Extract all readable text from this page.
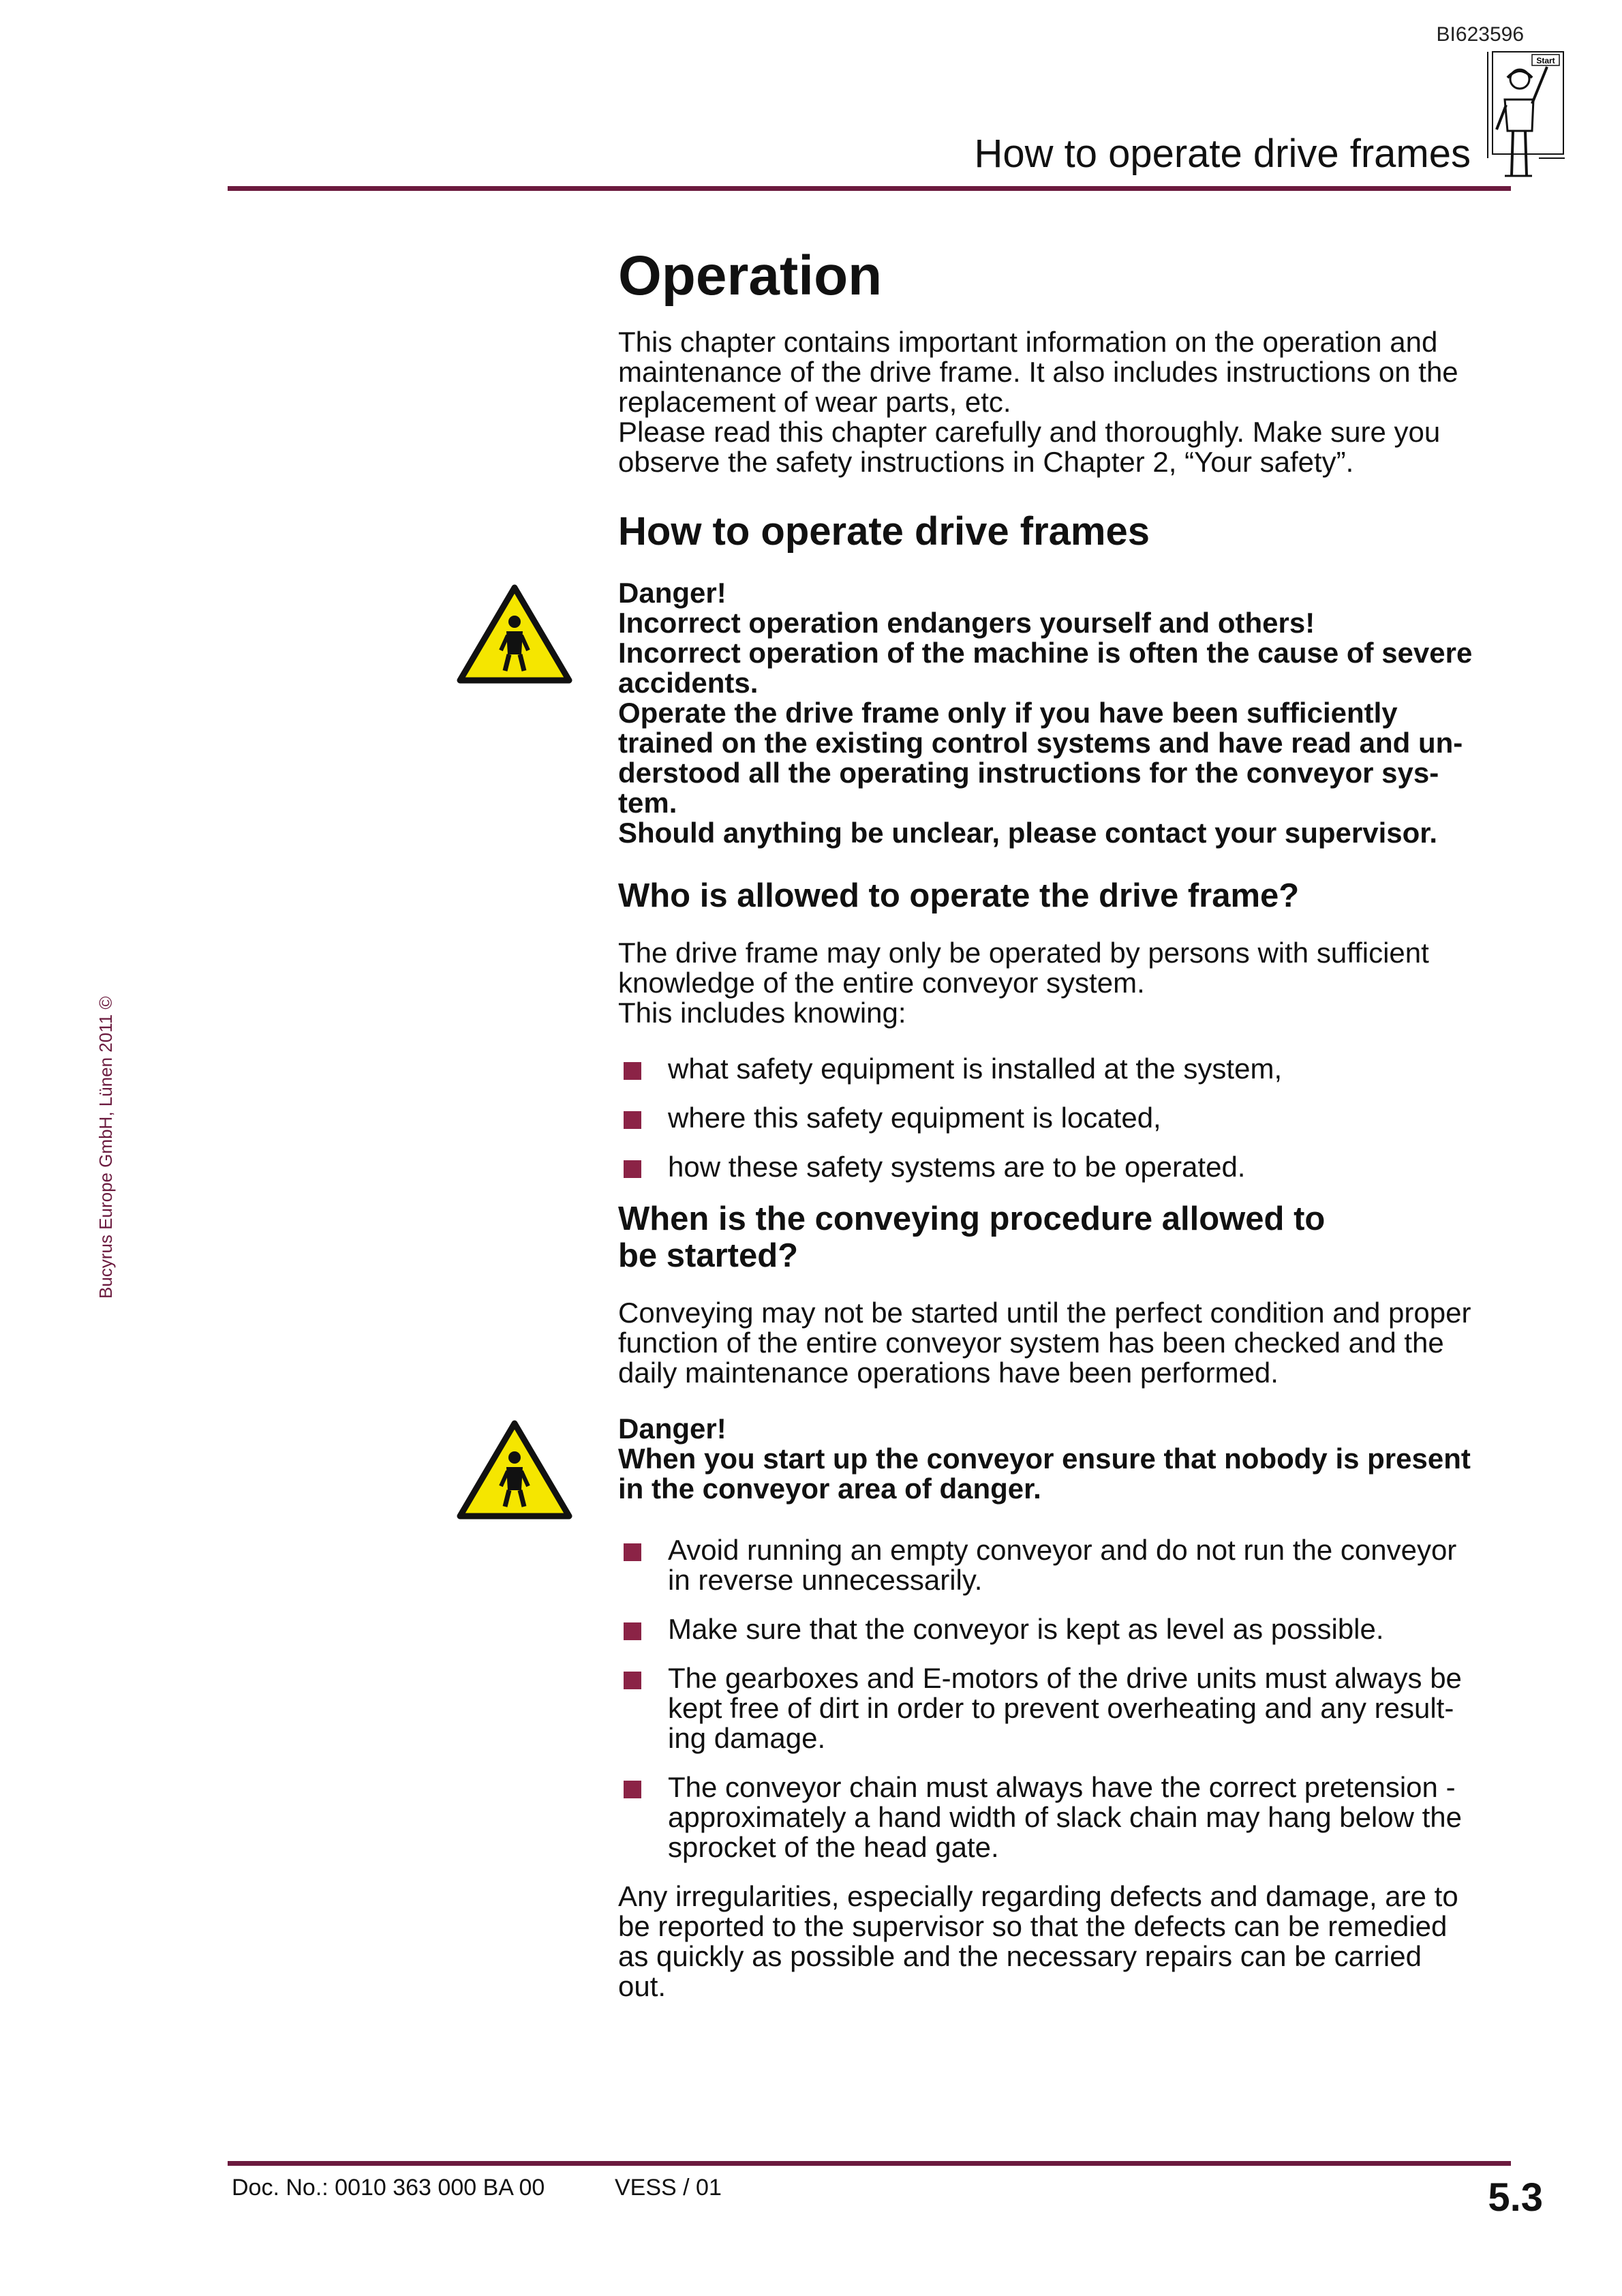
BI623596
How to operate drive frames
Start
Bucyrus Europe GmbH, Lünen 2011 ©
Operation

This chapter contains important information on the operation and
maintenance of the drive frame. It also includes instructions on the
replacement of wear parts, etc.
Please read this chapter carefully and thoroughly. Make sure you
observe the safety instructions in Chapter 2, “Your safety”.

How to operate drive frames

Danger!
Incorrect operation endangers yourself and others!
Incorrect operation of the machine is often the cause of severe
accidents.
Operate the drive frame only if you have been sufficiently
trained on the existing control systems and have read and un-
derstood all the operating instructions for the conveyor sys-
tem.
Should anything be unclear, please contact your supervisor.

Who is allowed to operate the drive frame?

The drive frame may only be operated by persons with sufficient
knowledge of the entire conveyor system.
This includes knowing:

what safety equipment is installed at the system,
where this safety equipment is located,
how these safety systems are to be operated.
When is the conveying procedure allowed to
be started?

Conveying may not be started until the perfect condition and proper
function of the entire conveyor system has been checked and the
daily maintenance operations have been performed.

Danger!
When you start up the conveyor ensure that nobody is present
in the conveyor area of danger.

Avoid running an empty conveyor and do not run the conveyor
in reverse unnecessarily.
Make sure that the conveyor is kept as level as possible.
The gearboxes and E-motors of the drive units must always be
kept free of dirt in order to prevent overheating and any result-
ing damage.
The conveyor chain must always have the correct pretension -
approximately a hand width of slack chain may hang below the
sprocket of the head gate.

Any irregularities, especially regarding defects and damage, are to
be reported to the supervisor so that the defects can be remedied
as quickly as possible and the necessary repairs can be carried
out.

Doc. No.: 0010 363 000 BA 00	VESS / 01	5.3
